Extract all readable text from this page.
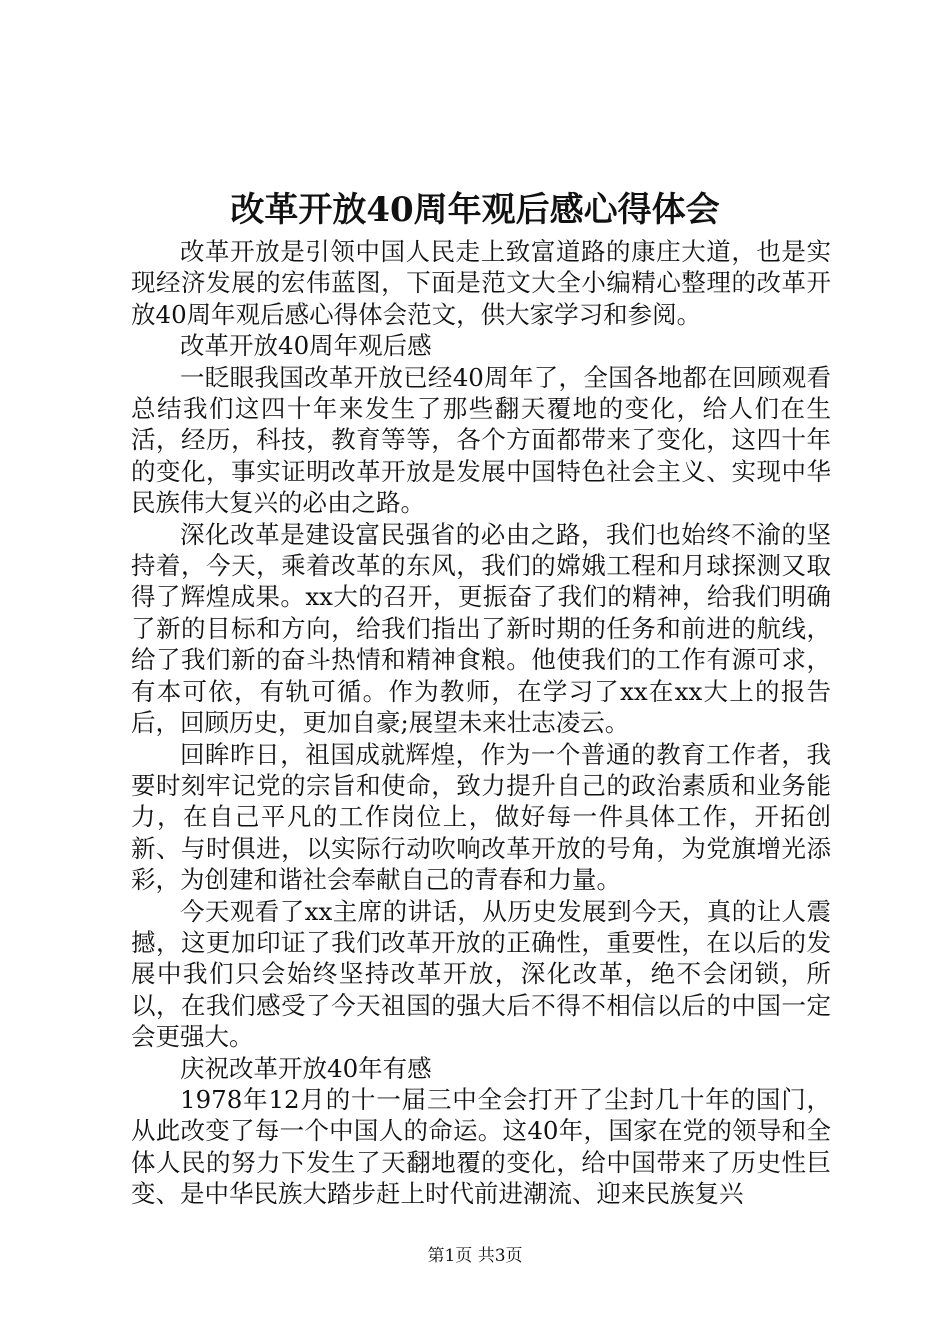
改革开放40周年观后感心得体会

改革开放是引领中国人民走上致富道路的康庄大道，也是实现经济发展的宏伟蓝图，下面是范文大全小编精心整理的改革开放40周年观后感心得体会范文，供大家学习和参阅。

改革开放40周年观后感

一眨眼我国改革开放已经40周年了，全国各地都在回顾观看总结我们这四十年来发生了那些翻天覆地的变化，给人们在生活，经历，科技，教育等等，各个方面都带来了变化，这四十年的变化，事实证明改革开放是发展中国特色社会主义、实现中华民族伟大复兴的必由之路。

深化改革是建设富民强省的必由之路，我们也始终不渝的坚持着，今天，乘着改革的东风，我们的嫦娥工程和月球探测又取得了辉煌成果。xx大的召开，更振奋了我们的精神，给我们明确了新的目标和方向，给我们指出了新时期的任务和前进的航线，给了我们新的奋斗热情和精神食粮。他使我们的工作有源可求，有本可依，有轨可循。作为教师，在学习了xx在xx大上的报告后，回顾历史，更加自豪;展望未来壮志凌云。

回眸昨日，祖国成就辉煌，作为一个普通的教育工作者，我要时刻牢记党的宗旨和使命，致力提升自己的政治素质和业务能力，在自己平凡的工作岗位上，做好每一件具体工作，开拓创新、与时俱进，以实际行动吹响改革开放的号角，为党旗增光添彩，为创建和谐社会奉献自己的青春和力量。

今天观看了xx主席的讲话，从历史发展到今天，真的让人震撼，这更加印证了我们改革开放的正确性，重要性，在以后的发展中我们只会始终坚持改革开放，深化改革，绝不会闭锁，所以，在我们感受了今天祖国的强大后不得不相信以后的中国一定会更强大。

庆祝改革开放40年有感

1978年12月的十一届三中全会打开了尘封几十年的国门，从此改变了每一个中国人的命运。这40年，国家在党的领导和全体人民的努力下发生了天翻地覆的变化，给中国带来了历史性巨变、是中华民族大踏步赶上时代前进潮流、迎来民族复兴

第1页 共3页
